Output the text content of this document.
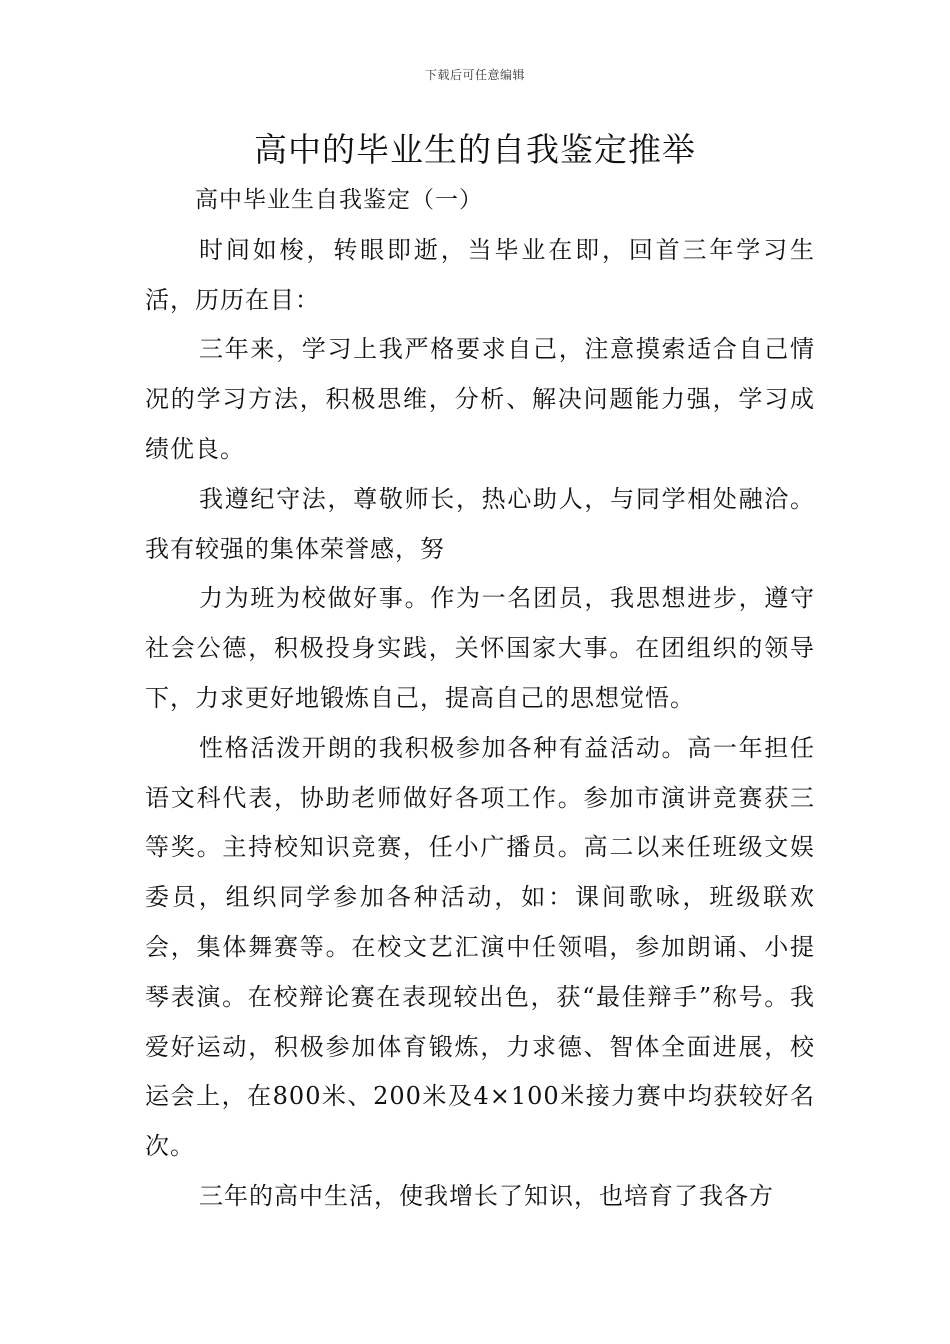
下载后可任意编辑
高中的毕业生的自我鉴定推举

高中毕业生自我鉴定（一）

时间如梭，转眼即逝，当毕业在即，回首三年学习生活，历历在目：

三年来，学习上我严格要求自己，注意摸索适合自己情况的学习方法，积极思维，分析、解决问题能力强，学习成绩优良。

我遵纪守法，尊敬师长，热心助人，与同学相处融洽。我有较强的集体荣誉感，努

力为班为校做好事。作为一名团员，我思想进步，遵守社会公德，积极投身实践，关怀国家大事。在团组织的领导下，力求更好地锻炼自己，提高自己的思想觉悟。

性格活泼开朗的我积极参加各种有益活动。高一年担任语文科代表，协助老师做好各项工作。参加市演讲竞赛获三等奖。主持校知识竞赛，任小广播员。高二以来任班级文娱委员，组织同学参加各种活动，如：课间歌咏，班级联欢会，集体舞赛等。在校文艺汇演中任领唱，参加朗诵、小提琴表演。在校辩论赛在表现较出色，获“最佳辩手”称号。我爱好运动，积极参加体育锻炼，力求德、智体全面进展，校运会上，在800米、200米及4×100米接力赛中均获较好名次。

三年的高中生活，使我增长了知识，也培育了我各方
